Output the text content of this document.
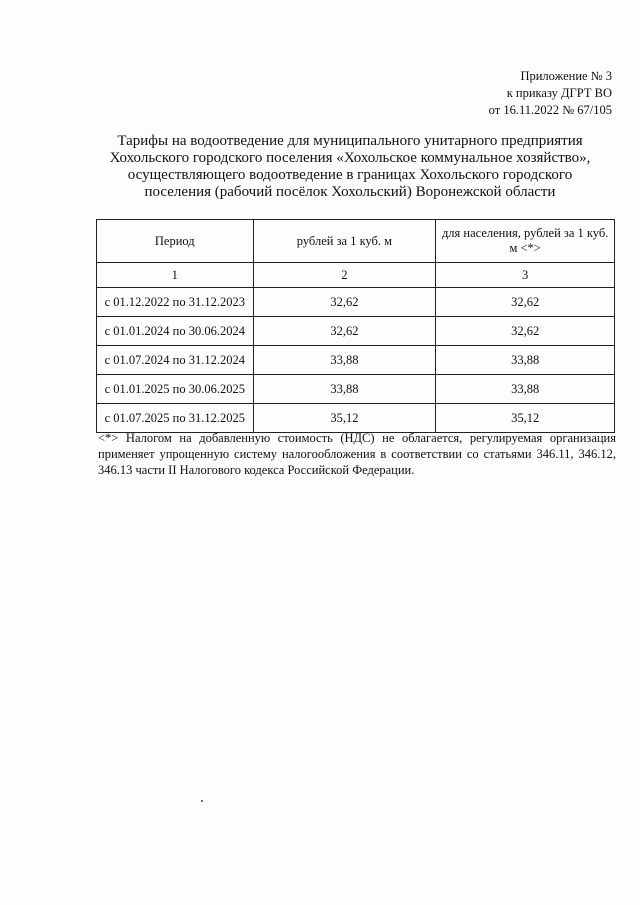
Приложение № 3
к приказу ДГРТ ВО
от 16.11.2022 № 67/105
Тарифы на водоотведение для муниципального унитарного предприятия
Хохольского городского поселения «Хохольское коммунальное хозяйство»,
осуществляющего водоотведение в границах Хохольского городского
поселения (рабочий посёлок Хохольский) Воронежской области
Период	рублей за 1 куб. м	для населения, рублей за 1 куб. м <*>
1	2	3
с 01.12.2022 по 31.12.2023	32,62	32,62
с 01.01.2024 по 30.06.2024	32,62	32,62
с 01.07.2024 по 31.12.2024	33,88	33,88
с 01.01.2025 по 30.06.2025	33,88	33,88
с 01.07.2025 по 31.12.2025	35,12	35,12
<*> Налогом на добавленную стоимость (НДС) не облагается, регулируемая организация применяет упрощенную систему налогообложения в соответствии со статьями 346.11, 346.12, 346.13 части II Налогового кодекса Российской Федерации.
